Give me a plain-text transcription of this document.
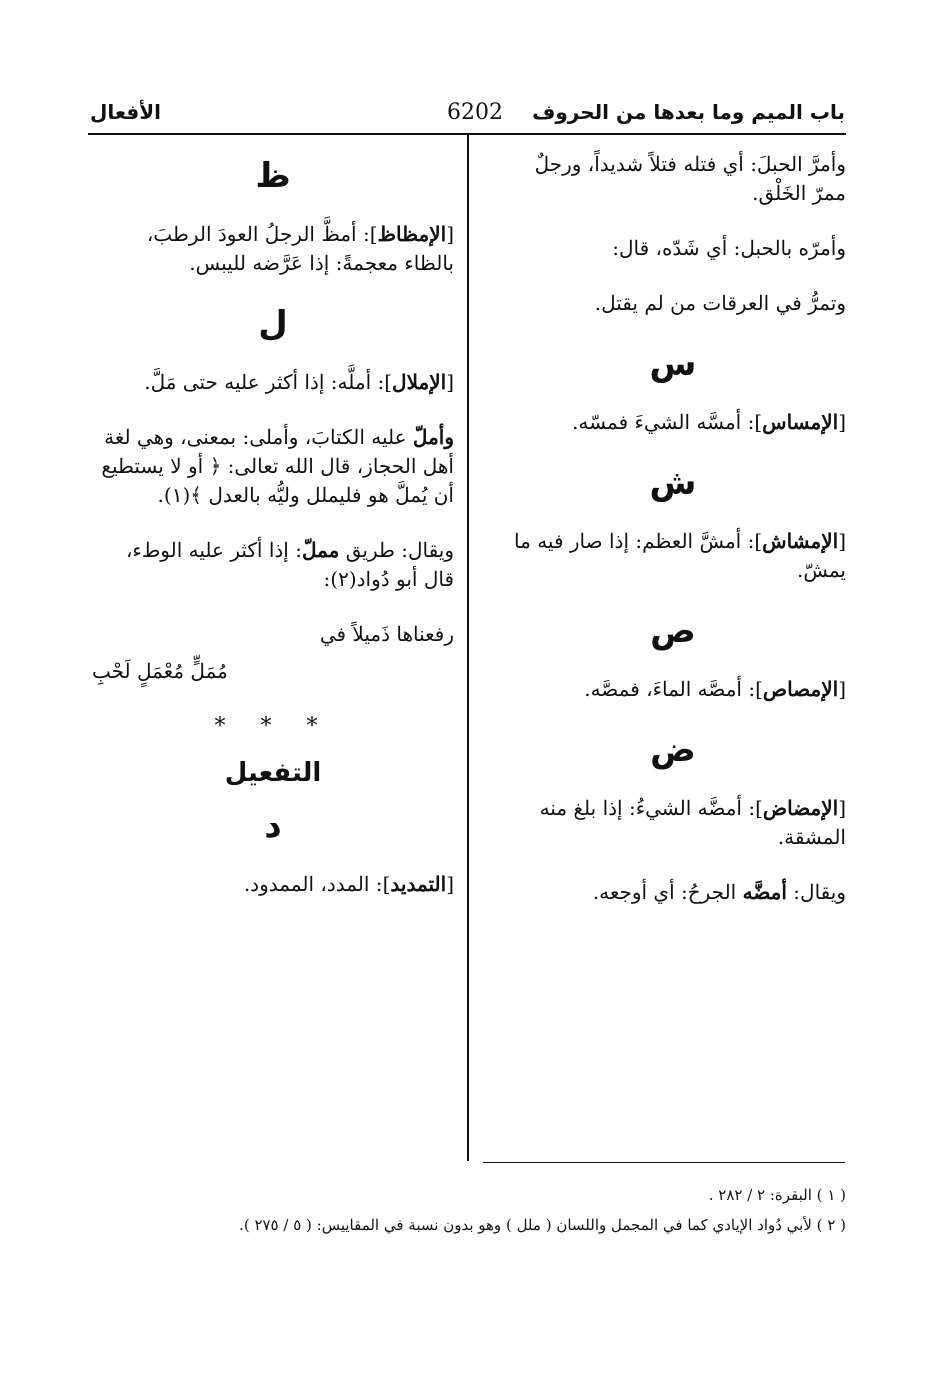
باب الميم وما بعدها من الحروف
6202
الأفعال

وأمرَّ الحبلَ: أي فتله فتلاً شديداً، ورجلٌ ممرّ الخَلْق.

وأمرّه بالحبل: أي شَدّه، قال:

وتمرُّ في العرقات من لم يقتل.

س

[الإمساس]: أمسَّه الشيءَ فمسّه.

ش

[الإمشاش]: أمشَّ العظم: إذا صار فيه ما يمشّ.

ص

[الإمصاص]: أمصَّه الماءَ، فمصَّه.

ض

[الإمضاض]: أمضَّه الشيءُ: إذا بلغ منه المشقة.

ويقال: أمضَّه الجرحُ: أي أوجعه.

ظ

[الإمظاظ]: أمظَّ الرجلُ العودَ الرطبَ، بالظاء معجمةً: إذا عَرَّضه لليبس.

ل

[الإملال]: أملَّه: إذا أكثر عليه حتى مَلَّ.

وأملّ عليه الكتابَ، وأملى: بمعنى، وهي لغة أهل الحجاز، قال الله تعالى: ﴿ أو لا يستطيع أن يُملَّ هو فليملل وليُّه بالعدل ﴾(١).

ويقال: طريق مملّ: إذا أكثر عليه الوطء، قال أبو دُواد(٢):

رفعناها ذَميلاً في

مُمَلٍّ مُعْمَلٍ لَحْبِ

* * *
التفعيل
د

[التمديد]: المدد، الممدود.

( ١ ) البقرة: ٢ / ٢٨٢ .

( ٢ ) لأبي دُواد الإيادي كما في المجمل واللسان ( ملل ) وهو بدون نسبة في المقاييس: ( ٥ / ٢٧٥ ).
